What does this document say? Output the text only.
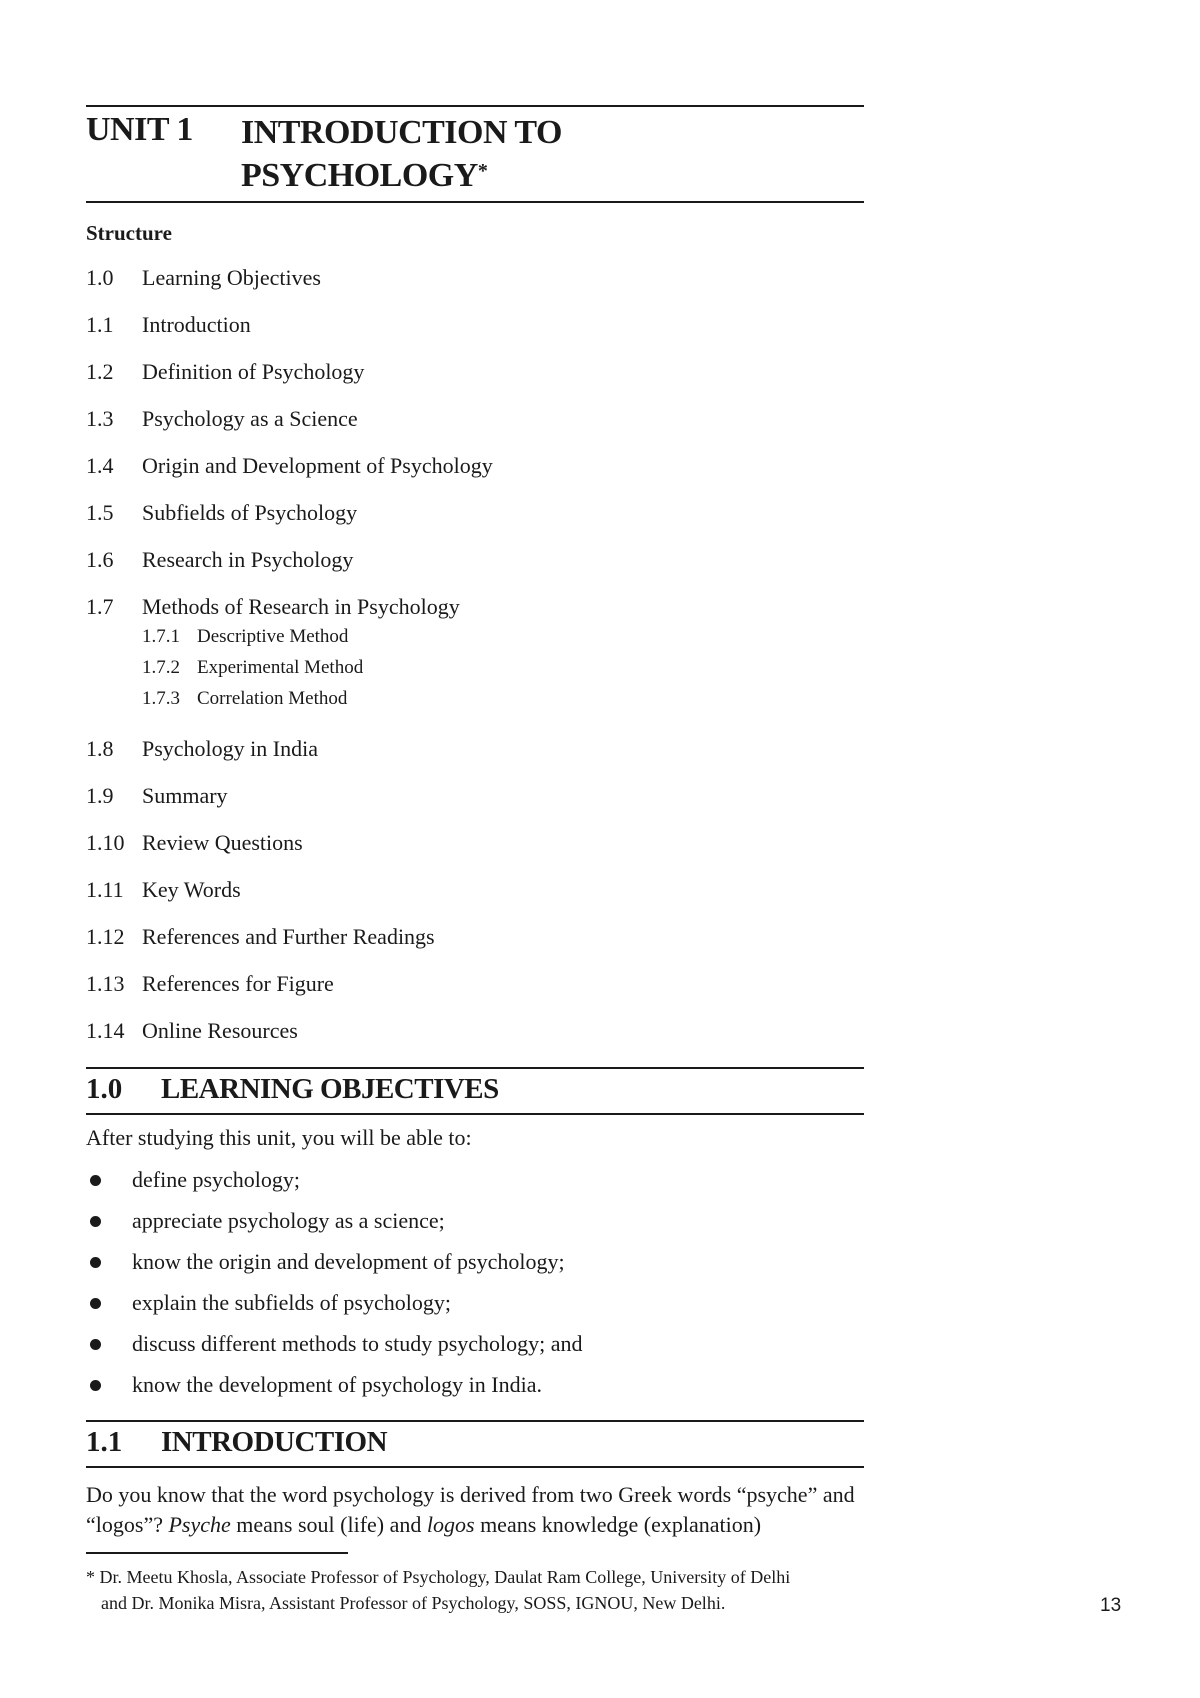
UNIT 1 INTRODUCTION TO
PSYCHOLOGY*
Structure
1.0 Learning Objectives
1.1 Introduction
1.2 Definition of Psychology
1.3 Psychology as a Science
1.4 Origin and Development of Psychology
1.5 Subfields of Psychology
1.6 Research in Psychology
1.7 Methods of Research in Psychology
1.7.1 Descriptive Method
1.7.2 Experimental Method
1.7.3 Correlation Method
1.8 Psychology in India
1.9 Summary
1.10 Review Questions
1.11 Key Words
1.12 References and Further Readings
1.13 References for Figure
1.14 Online Resources
1.0 LEARNING OBJECTIVES
After studying this unit, you will be able to:
define psychology;
appreciate psychology as a science;
know the origin and development of psychology;
explain the subfields of psychology;
discuss different methods to study psychology; and
know the development of psychology in India.
1.1 INTRODUCTION

Do you know that the word psychology is derived from two Greek words “psyche” and “logos”? Psyche means soul (life) and logos means knowledge (explanation)

* Dr. Meetu Khosla, Associate Professor of Psychology, Daulat Ram College, University of Delhi
and Dr. Monika Misra, Assistant Professor of Psychology, SOSS, IGNOU, New Delhi.	13
